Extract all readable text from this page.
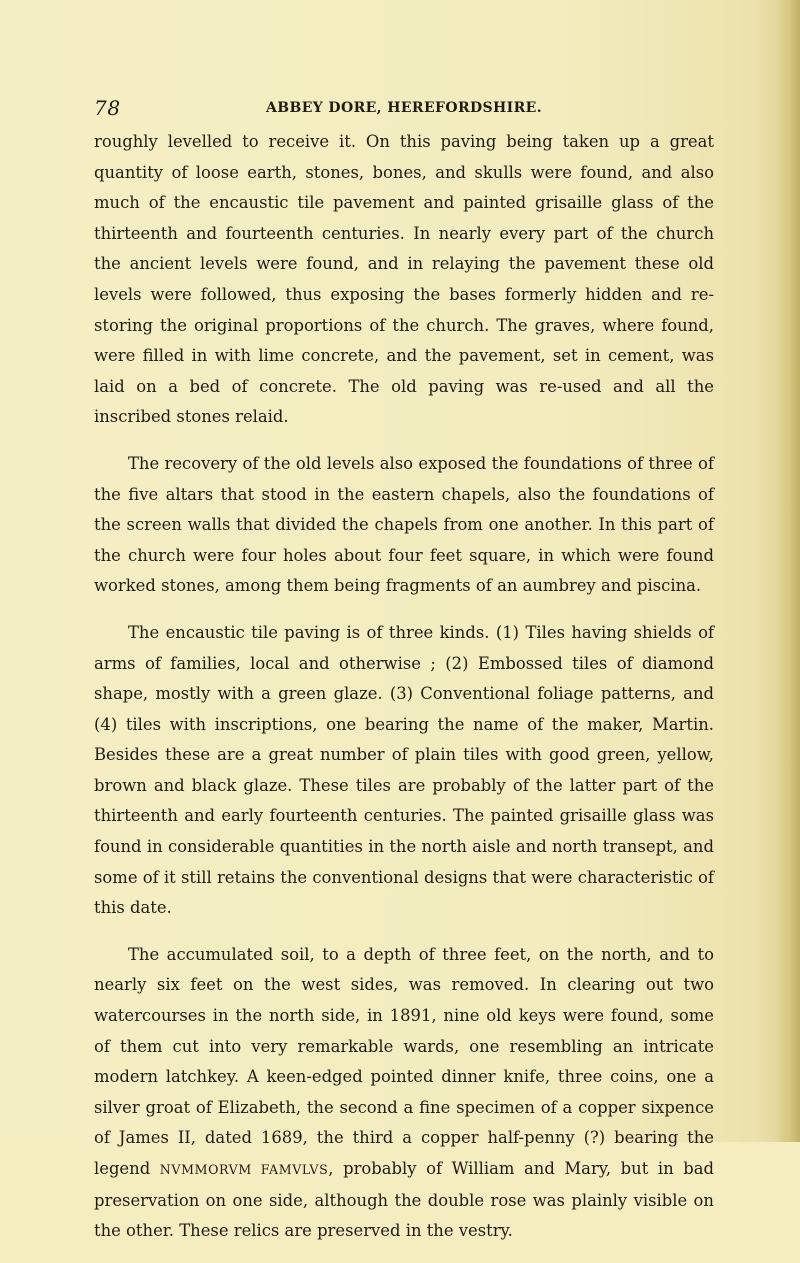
78	ABBEY DORE, HEREFORDSHIRE.

roughly levelled to receive it. On this paving being taken up a great quantity of loose earth, stones, bones, and skulls were found, and also much of the encaustic tile pavement and painted grisaille glass of the thirteenth and fourteenth centuries. In nearly every part of the church the ancient levels were found, and in relaying the pavement these old levels were followed, thus exposing the bases formerly hidden and restoring the original proportions of the church. The graves, where found, were filled in with lime concrete, and the pavement, set in cement, was laid on a bed of concrete. The old paving was re-used and all the inscribed stones relaid.

The recovery of the old levels also exposed the foundations of three of the five altars that stood in the eastern chapels, also the foundations of the screen walls that divided the chapels from one another. In this part of the church were four holes about four feet square, in which were found worked stones, among them being fragments of an aumbrey and piscina.

The encaustic tile paving is of three kinds. (1) Tiles having shields of arms of families, local and otherwise ; (2) Embossed tiles of diamond shape, mostly with a green glaze. (3) Conventional foliage patterns, and (4) tiles with inscriptions, one bearing the name of the maker, Martin. Besides these are a great number of plain tiles with good green, yellow, brown and black glaze. These tiles are probably of the latter part of the thirteenth and early fourteenth centuries. The painted grisaille glass was found in considerable quantities in the north aisle and north transept, and some of it still retains the conventional designs that were characteristic of this date.

The accumulated soil, to a depth of three feet, on the north, and to nearly six feet on the west sides, was removed. In clearing out two watercourses in the north side, in 1891, nine old keys were found, some of them cut into very remarkable wards, one resembling an intricate modern latchkey. A keen-edged pointed dinner knife, three coins, one a silver groat of Elizabeth, the second a fine specimen of a copper sixpence of James II, dated 1689, the third a copper half-penny (?) bearing the legend NVMMORVM FAMVLVS, probably of William and Mary, but in bad preservation on one side, although the double rose was plainly visible on the other. These relics are preserved in the vestry.
